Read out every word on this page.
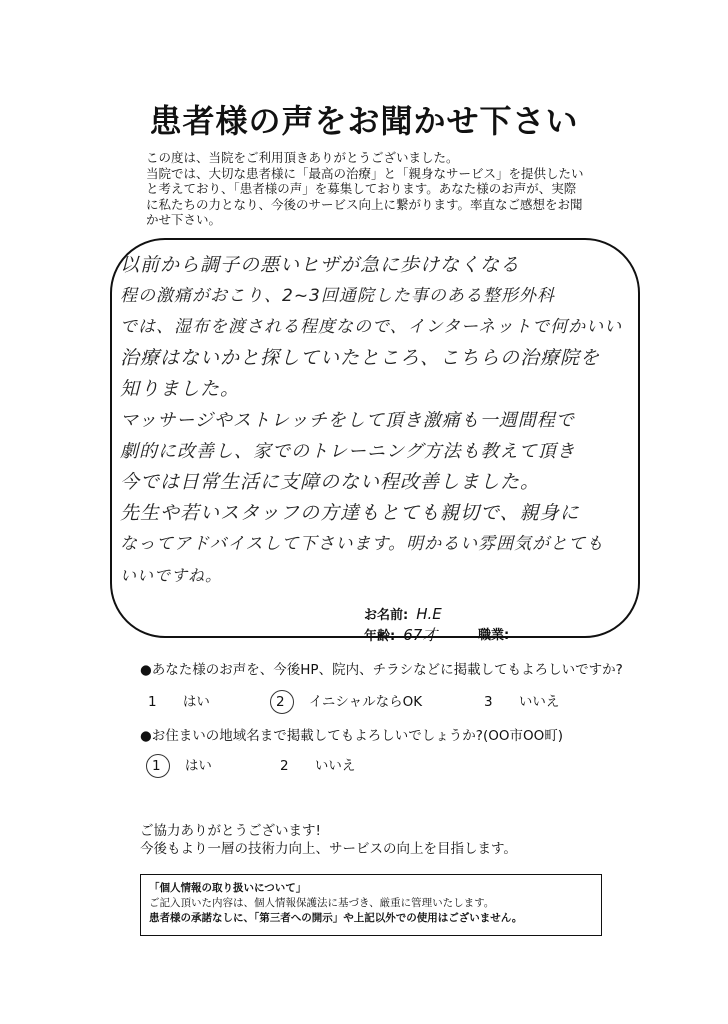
患者様の声をお聞かせ下さい

この度は、当院をご利用頂きありがとうございました。

当院では、大切な患者様に「最高の治療」と「親身なサービス」を提供したい

と考えており、「患者様の声」を募集しております。あなた様のお声が、実際

に私たちの力となり、今後のサービス向上に繋がります。率直なご感想をお聞

かせ下さい。

以前から調子の悪いヒザが急に歩けなくなる
程の激痛がおこり、2~3回通院した事のある整形外科
では、湿布を渡される程度なので、インターネットで何かいい
治療はないかと探していたところ、こちらの治療院を
知りました。
マッサージやストレッチをして頂き激痛も一週間程で
劇的に改善し、家でのトレーニング方法も教えて頂き
今では日常生活に支障のない程改善しました。
先生や若いスタッフの方達もとても親切で、親身に
なってアドバイスして下さいます。明かるい雰囲気がとても
いいですね。
お名前: H.E
年齢: 67才	職業:
●あなた様のお声を、今後HP、院内、チラシなどに掲載してもよろしいですか?
1 はい	2 イニシャルならOK	3 いいえ
●お住まいの地域名まで掲載してもよろしいでしょうか?(OO市OO町)
1 はい	2 いいえ

ご協力ありがとうございます!

今後もより一層の技術力向上、サービスの向上を目指します。

「個人情報の取り扱いについて」

ご記入頂いた内容は、個人情報保護法に基づき、厳重に管理いたします。

患者様の承諾なしに、「第三者への開示」や上記以外での使用はございません。
